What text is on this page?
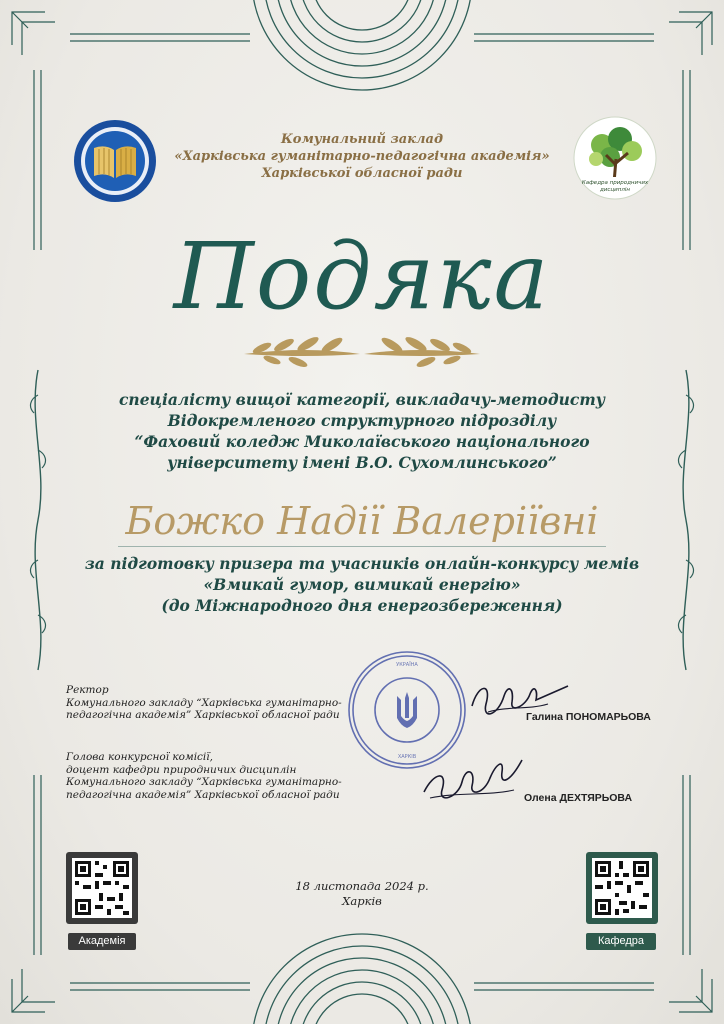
Кафедра природничих
дисциплін
Комунальний заклад
«Харківська гуманітарно-педагогічна академія»
Харківської обласної ради
Подяка
спеціалісту вищої категорії, викладачу-методисту
Відокремленого структурного підрозділу
“Фаховий коледж Миколаївського національного
університету імені В.О. Сухомлинського”
Божко Надії Валеріївні
за підготовку призера та учасників онлайн-конкурсу мемів
«Вмикай гумор, вимикай енергію»
(до Міжнародного дня енергозбереження)
УКРАЇНА
ХАРКІВ
Ректор
Комунального закладу “Харківська гуманітарно-
педагогічна академія” Харківської обласної ради	Галина ПОНОМАРЬОВА
Голова конкурсної комісії,
доцент кафедри природничих дисциплін
Комунального закладу “Харківська гуманітарно-
педагогічна академія” Харківської обласної ради	Олена ДЕХТЯРЬОВА
18 листопада 2024 р.
Харків
Академія	Кафедра
